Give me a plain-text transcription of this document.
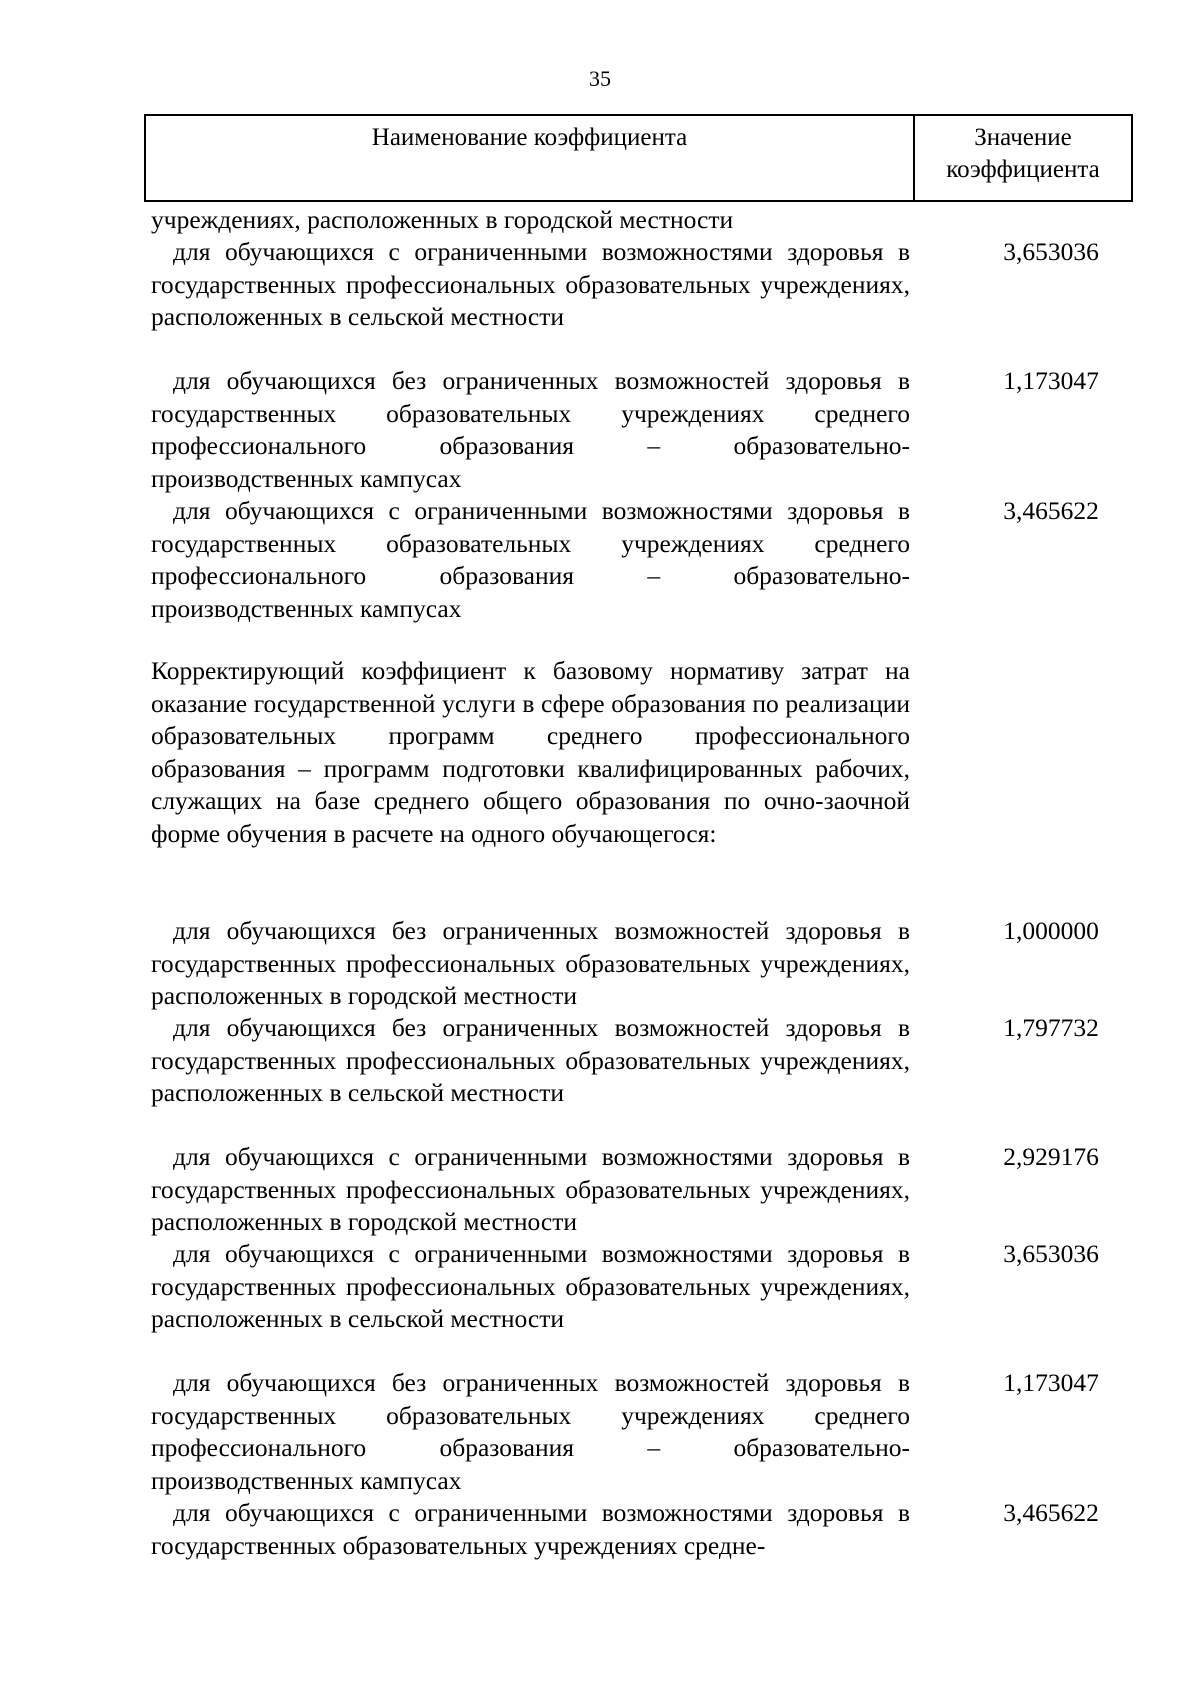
35
Наименование коэффициента	Значение
коэффициента
учреждениях, расположенных в городской местности
для обучающихся с ограниченными возможностями здоровья в государственных профессиональных образовательных учреждениях, расположенных в сельской местности
3,653036
для обучающихся без ограниченных возможностей здоровья в государственных образовательных учреждениях среднего профессионального образования – образовательно-производственных кампусах
1,173047
для обучающихся с ограниченными возможностями здоровья в государственных образовательных учреждениях среднего профессионального образования – образовательно-производственных кампусах
3,465622
Корректирующий коэффициент к базовому нормативу затрат на оказание государственной услуги в сфере образования по реализации образовательных программ среднего профессионального образования – программ подготовки квалифицированных рабочих, служащих на базе среднего общего образования по очно-заочной форме обучения в расчете на одного обучающегося:
для обучающихся без ограниченных возможностей здоровья в государственных профессиональных образовательных учреждениях, расположенных в городской местности
1,000000
для обучающихся без ограниченных возможностей здоровья в государственных профессиональных образовательных учреждениях, расположенных в сельской местности
1,797732
для обучающихся с ограниченными возможностями здоровья в государственных профессиональных образовательных учреждениях, расположенных в городской местности
2,929176
для обучающихся с ограниченными возможностями здоровья в государственных профессиональных образовательных учреждениях, расположенных в сельской местности
3,653036
для обучающихся без ограниченных возможностей здоровья в государственных образовательных учреждениях среднего профессионального образования – образовательно-производственных кампусах
1,173047
для обучающихся с ограниченными возможностями здоровья в государственных образовательных учреждениях средне-
3,465622
